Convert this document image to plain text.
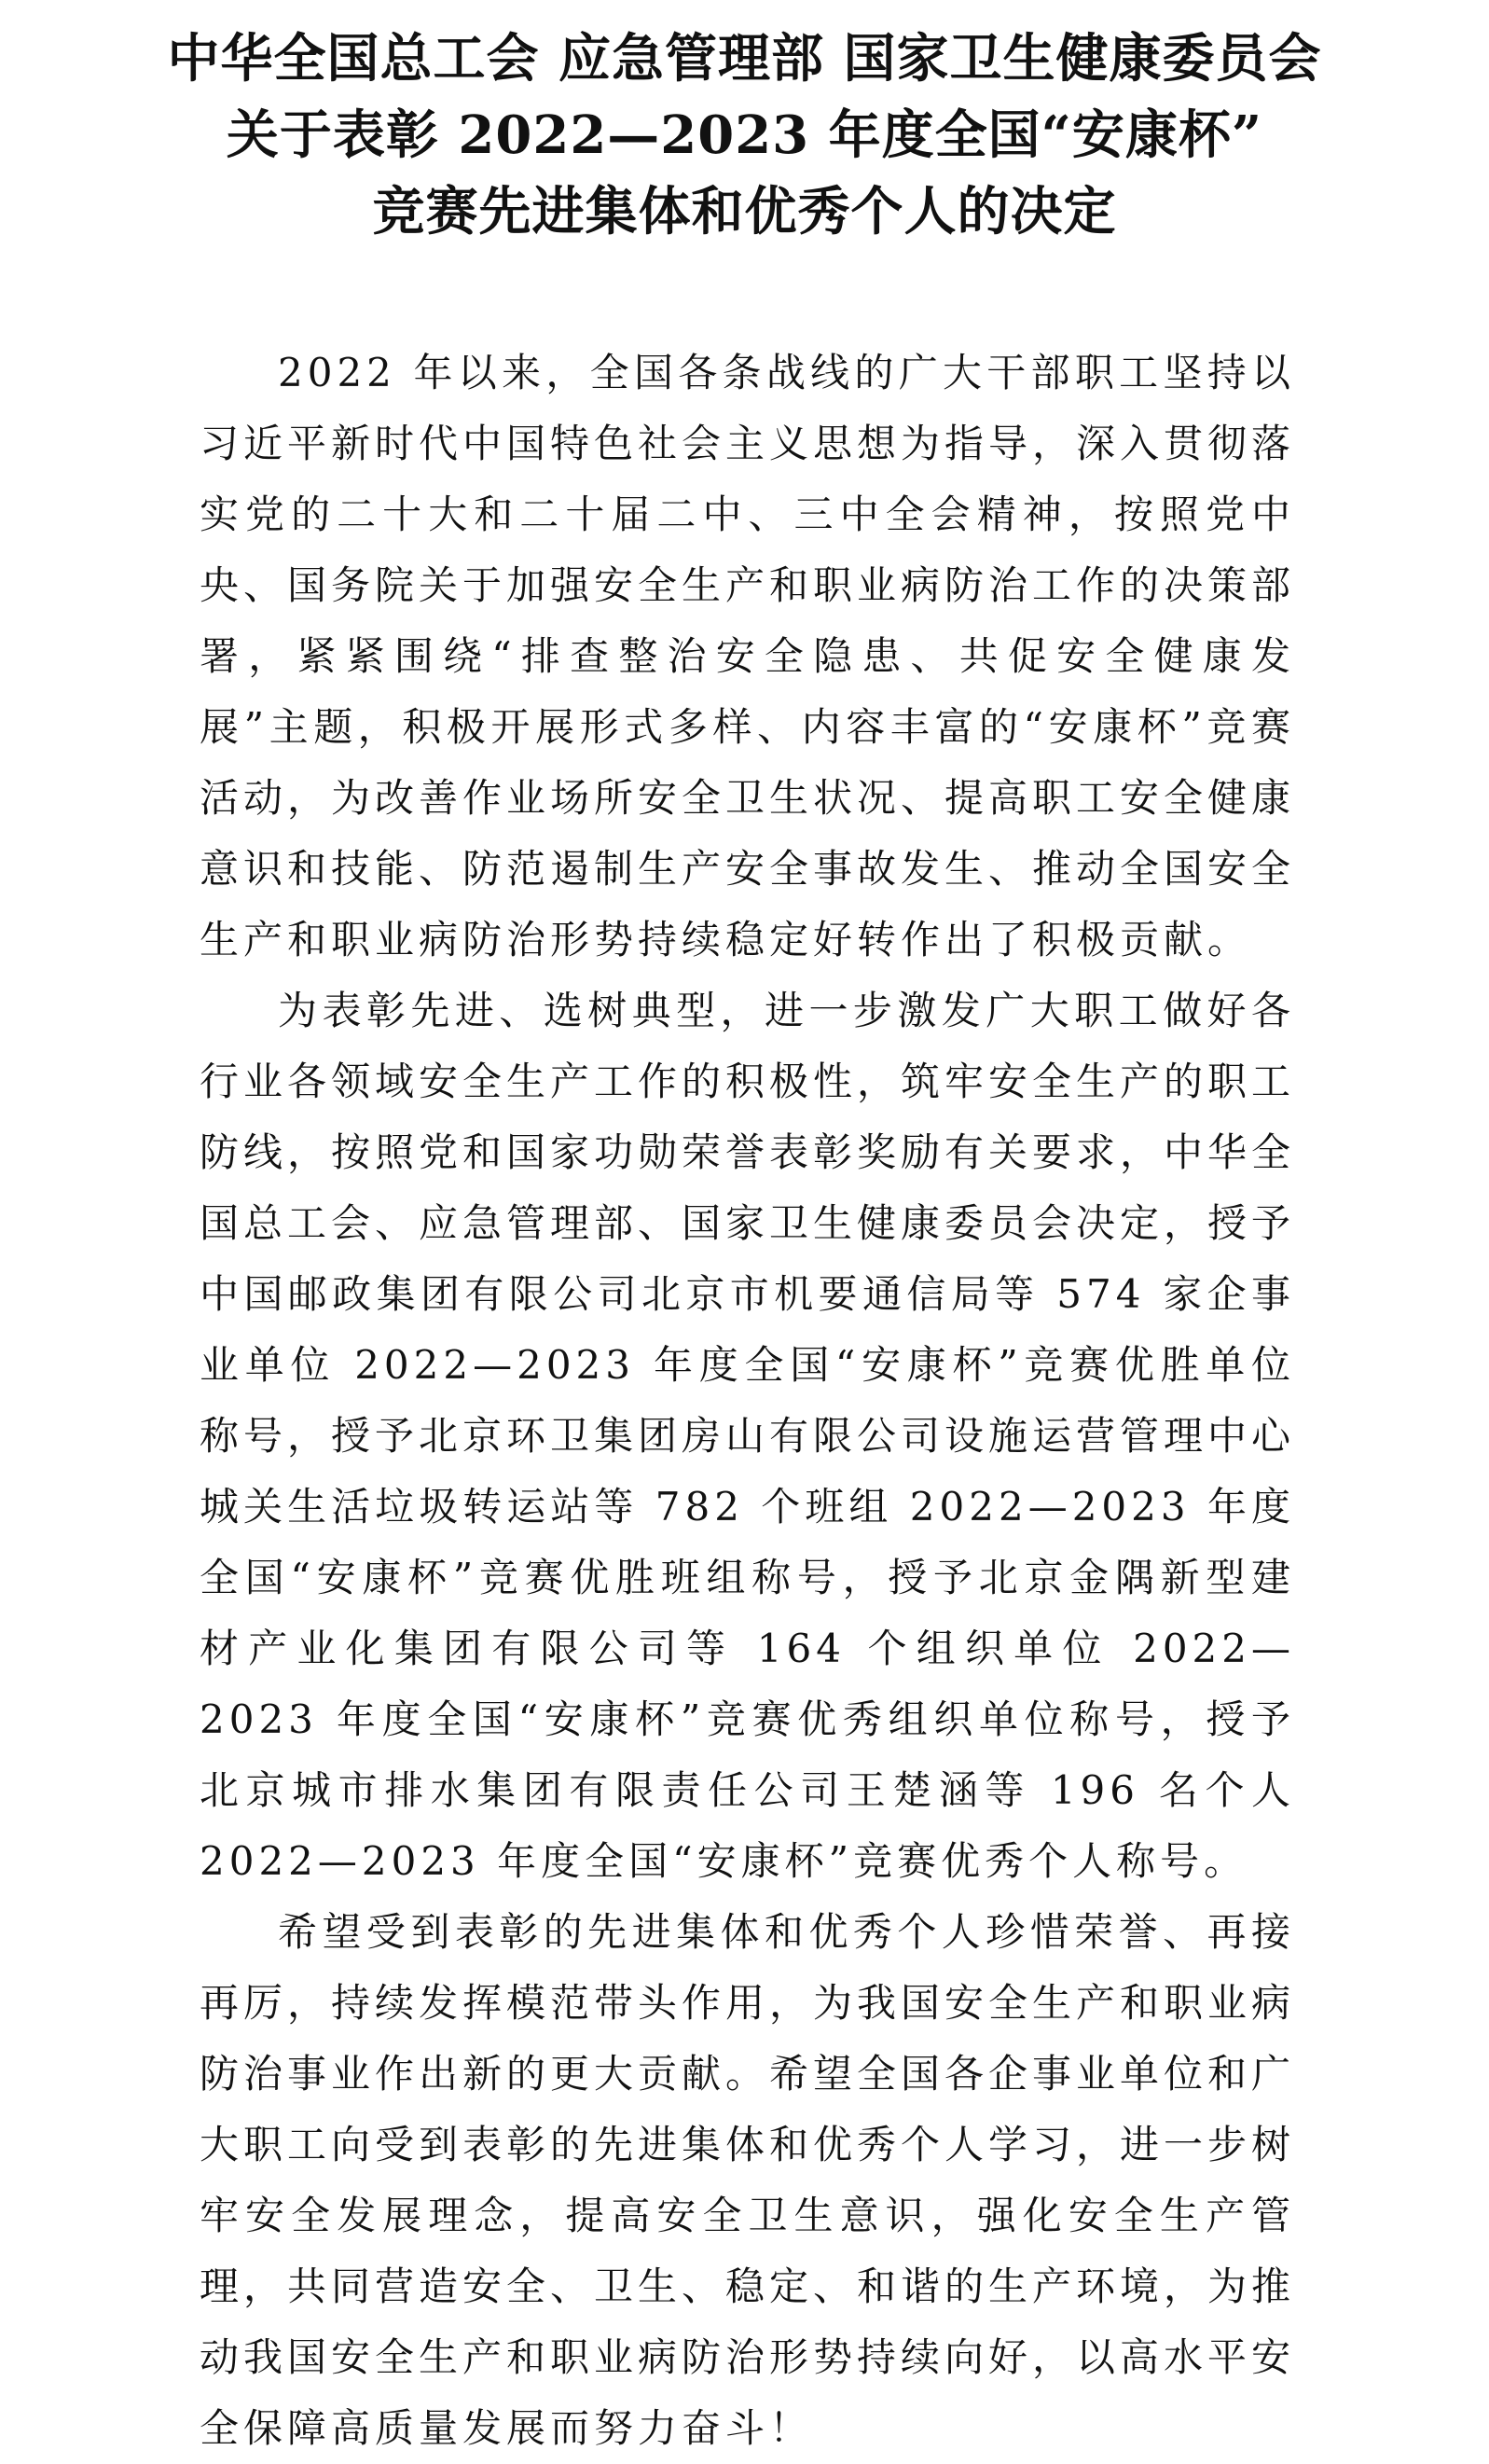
中华全国总工会 应急管理部 国家卫生健康委员会
关于表彰 2022—2023 年度全国“安康杯”
竞赛先进集体和优秀个人的决定

2022 年以来，全国各条战线的广大干部职工坚持以习近平新时代中国特色社会主义思想为指导，深入贯彻落实党的二十大和二十届二中、三中全会精神，按照党中央、国务院关于加强安全生产和职业病防治工作的决策部署，紧紧围绕“排查整治安全隐患、共促安全健康发展”主题，积极开展形式多样、内容丰富的“安康杯”竞赛活动，为改善作业场所安全卫生状况、提高职工安全健康意识和技能、防范遏制生产安全事故发生、推动全国安全生产和职业病防治形势持续稳定好转作出了积极贡献。

为表彰先进、选树典型，进一步激发广大职工做好各行业各领域安全生产工作的积极性，筑牢安全生产的职工防线，按照党和国家功勋荣誉表彰奖励有关要求，中华全国总工会、应急管理部、国家卫生健康委员会决定，授予中国邮政集团有限公司北京市机要通信局等 574 家企事业单位 2022—2023 年度全国“安康杯”竞赛优胜单位称号，授予北京环卫集团房山有限公司设施运营管理中心城关生活垃圾转运站等 782 个班组 2022—2023 年度全国“安康杯”竞赛优胜班组称号，授予北京金隅新型建材产业化集团有限公司等 164 个组织单位 2022—2023 年度全国“安康杯”竞赛优秀组织单位称号，授予北京城市排水集团有限责任公司王楚涵等 196 名个人 2022—2023 年度全国“安康杯”竞赛优秀个人称号。

希望受到表彰的先进集体和优秀个人珍惜荣誉、再接再厉，持续发挥模范带头作用，为我国安全生产和职业病防治事业作出新的更大贡献。希望全国各企事业单位和广大职工向受到表彰的先进集体和优秀个人学习，进一步树牢安全发展理念，提高安全卫生意识，强化安全生产管理，共同营造安全、卫生、稳定、和谐的生产环境，为推动我国安全生产和职业病防治形势持续向好，以高水平安全保障高质量发展而努力奋斗！
